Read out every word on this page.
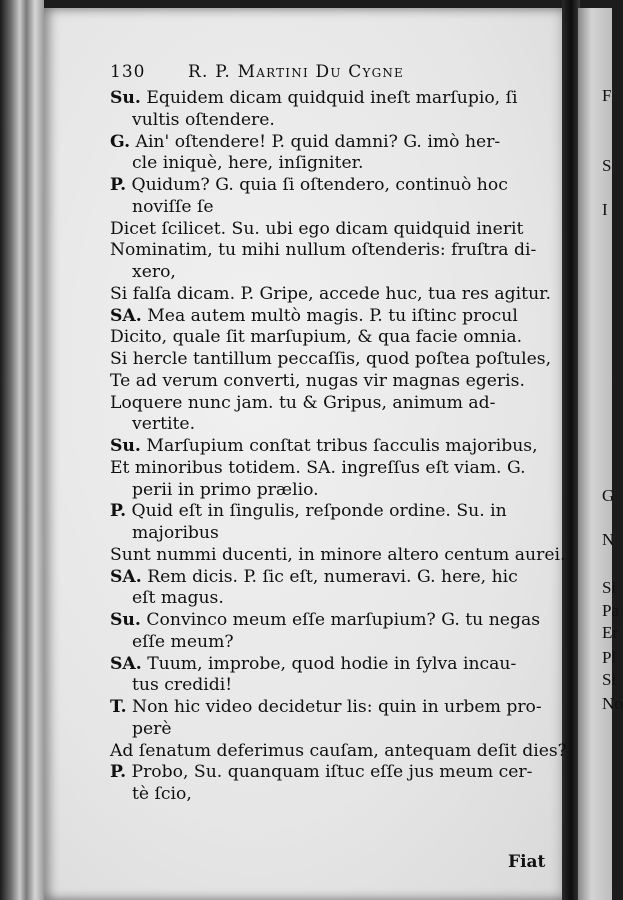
F
S
I
G
N
Si
Pa
Er
Pl
Si
No
130	R. P. Martini Du Cygne
Su. Equidem dicam quidquid ineſt marſupio, ſi
vultis oſtendere.
G. Ain' oſtendere! P. quid damni? G. imò her-
cle iniquè, here, inſigniter.
P. Quidum? G. quia ſi oſtendero, continuò hoc
noviſſe ſe
Dicet ſcilicet. Su. ubi ego dicam quidquid inerit
Nominatim, tu mihi nullum oſtenderis: fruſtra di-
xero,
Si falſa dicam. P. Gripe, accede huc, tua res agitur.
SA. Mea autem multò magis. P. tu iſtinc procul
Dicito, quale ſit marſupium, & qua facie omnia.
Si hercle tantillum peccaſſis, quod poſtea poſtules,
Te ad verum converti, nugas vir magnas egeris.
Loquere nunc jam. tu & Gripus, animum ad-
vertite.
Su. Marſupium conſtat tribus ſacculis majoribus,
Et minoribus totidem. SA. ingreſſus eſt viam. G.
perii in primo prælio.
P. Quid eſt in ſingulis, reſponde ordine. Su. in
majoribus
Sunt nummi ducenti, in minore altero centum aurei.
SA. Rem dicis. P. ſic eſt, numeravi. G. here, hic
eſt magus.
Su. Convinco meum eſſe marſupium? G. tu negas
eſſe meum?
SA. Tuum, improbe, quod hodie in ſylva incau-
tus credidi!
T. Non hic video decidetur lis: quin in urbem pro-
perè
Ad ſenatum deferimus cauſam, antequam deſit dies?
P. Probo, Su. quanquam iſtuc eſſe jus meum cer-
tè ſcio,
Fiat
